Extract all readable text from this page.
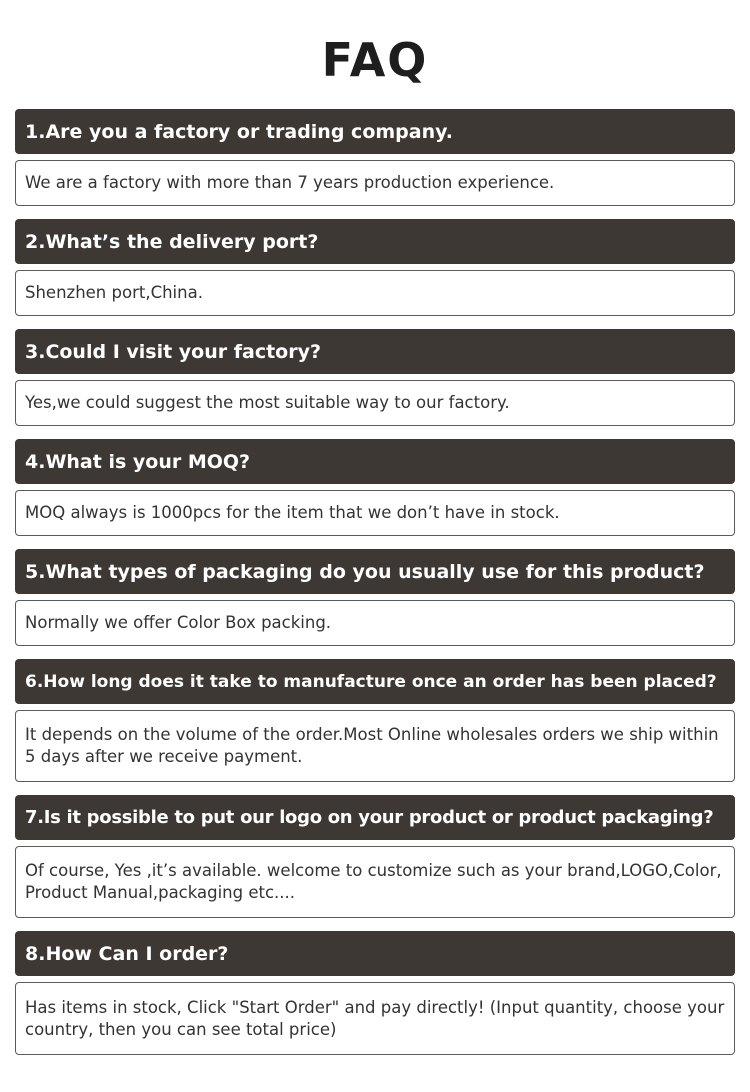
FAQ
1.Are you a factory or trading company.
We are a factory with more than 7 years production experience.
2.What’s the delivery port?
Shenzhen port,China.
3.Could I visit your factory?
Yes,we could suggest the most suitable way to our factory.
4.What is your MOQ?
MOQ always is 1000pcs for the item that we don’t have in stock.
5.What types of packaging do you usually use for this product?
Normally we offer Color Box packing.
6.How long does it take to manufacture once an order has been placed?
It depends on the volume of the order.Most Online wholesales orders we ship within 5 days after we receive payment.
7.Is it possible to put our logo on your product or product packaging?
Of course, Yes ,it’s available. welcome to customize such as your brand,LOGO,Color, Product Manual,packaging etc....
8.How Can I order?
Has items in stock, Click "Start Order" and pay directly! (Input quantity, choose your country, then you can see total price)
